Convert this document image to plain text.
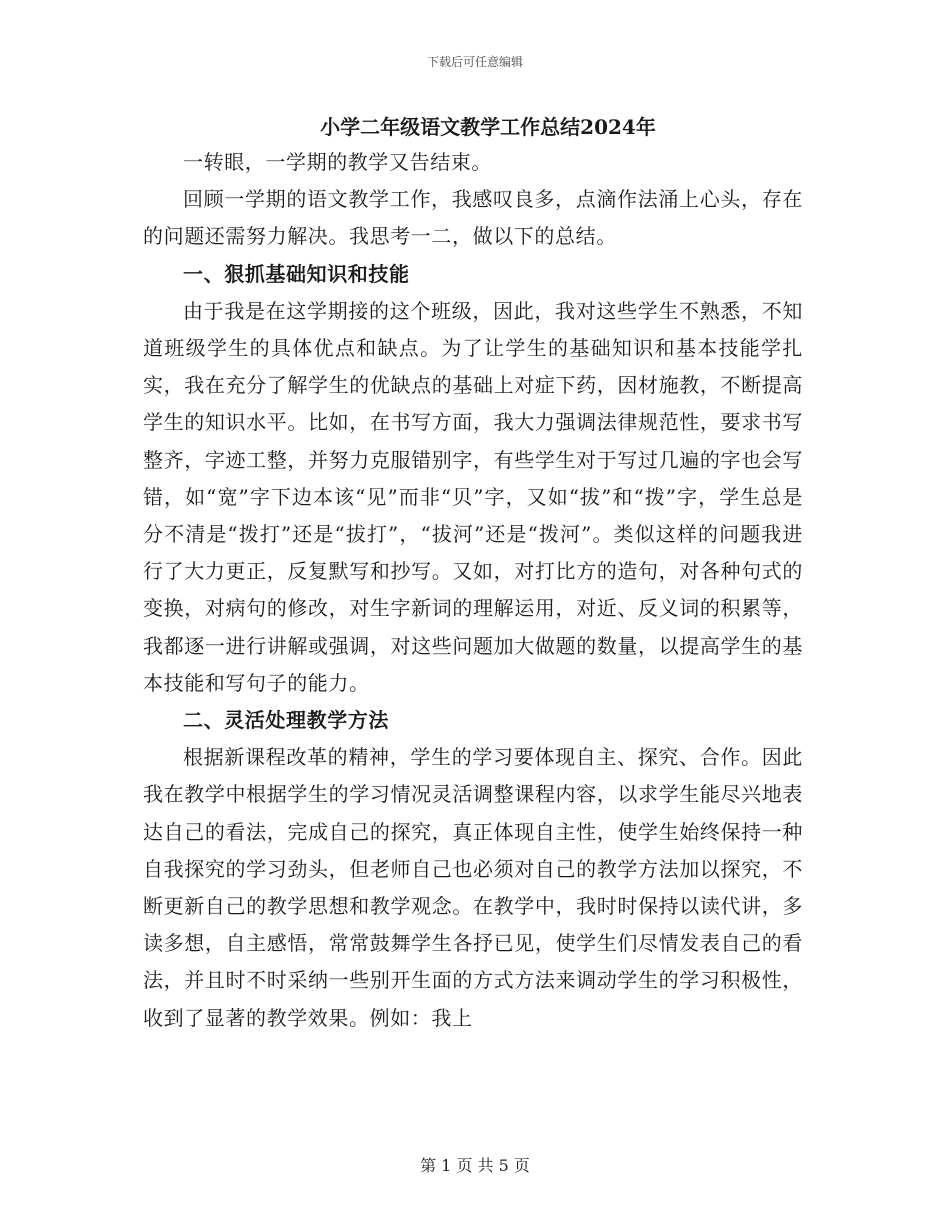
下载后可任意编辑
小学二年级语文教学工作总结2024年

一转眼，一学期的教学又告结束。

回顾一学期的语文教学工作，我感叹良多，点滴作法涌上心头，存在的问题还需努力解决。我思考一二，做以下的总结。

一、狠抓基础知识和技能

由于我是在这学期接的这个班级，因此，我对这些学生不熟悉，不知道班级学生的具体优点和缺点。为了让学生的基础知识和基本技能学扎实，我在充分了解学生的优缺点的基础上对症下药，因材施教，不断提高学生的知识水平。比如，在书写方面，我大力强调法律规范性，要求书写整齐，字迹工整，并努力克服错别字，有些学生对于写过几遍的字也会写错，如“宽”字下边本该“见”而非“贝”字，又如“拔”和“拨”字，学生总是分不清是“拨打”还是“拔打”，“拔河”还是“拨河”。类似这样的问题我进行了大力更正，反复默写和抄写。又如，对打比方的造句，对各种句式的变换，对病句的修改，对生字新词的理解运用，对近、反义词的积累等，我都逐一进行讲解或强调，对这些问题加大做题的数量，以提高学生的基本技能和写句子的能力。

二、灵活处理教学方法

根据新课程改革的精神，学生的学习要体现自主、探究、合作。因此我在教学中根据学生的学习情况灵活调整课程内容，以求学生能尽兴地表达自己的看法，完成自己的探究，真正体现自主性，使学生始终保持一种自我探究的学习劲头，但老师自己也必须对自己的教学方法加以探究，不断更新自己的教学思想和教学观念。在教学中，我时时保持以读代讲，多读多想，自主感悟，常常鼓舞学生各抒已见，使学生们尽情发表自己的看法，并且时不时采纳一些别开生面的方式方法来调动学生的学习积极性，收到了显著的教学效果。例如：我上

第 1 页 共 5 页
